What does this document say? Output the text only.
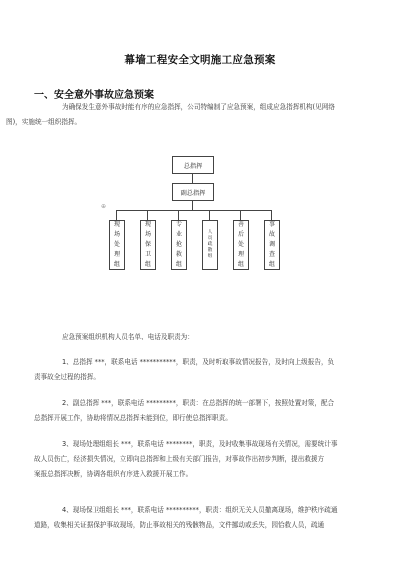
幕墙工程安全文明施工应急预案
一、安全意外事故应急预案
为确保发生意外事故时能有序的应急指挥，公司特编制了应急预案，组成应急指挥机构(见网络
图)，实施统一组织指挥。
总指挥
副总指挥
现
场
处
理
组
现
场
保
卫
组
专
业
抢
救
组
人
员
疏
散
组
善
后
处
理
组
事
故
调
查
组
⊕
应急预案组织机构人员名单、电话及职责为：
1、总指挥 ***，联系电话 ***********，职责，及时听取事故情况报告，及时向上级报告，负
责事故全过程的指挥。
2、副总指挥 ***，联系电话 *********，职责：在总指挥的统一部署下，按照处置对策，配合
总指挥开展工作，协助将情况总指挥未能到位，即行使总指挥职责。
3、现场处理组组长 ***，联系电话 ********，职责，及时收集事故现场有关情况，需要统计事
故人员伤亡，经济损失情况，立即向总指挥和上级有关部门报告，对事故作出初步判断，提出救援方
案报总指挥决断，协调各组织有序进入救援开展工作。
4、现场保卫组组长 ***，联系电话 **********，职责：组织无关人员撤离现场，维护秩序疏通
道路，收集相关证据保护事故现场，防止事故相关的残骸物品，文件挪动或丢失，园恰救人员，疏通
